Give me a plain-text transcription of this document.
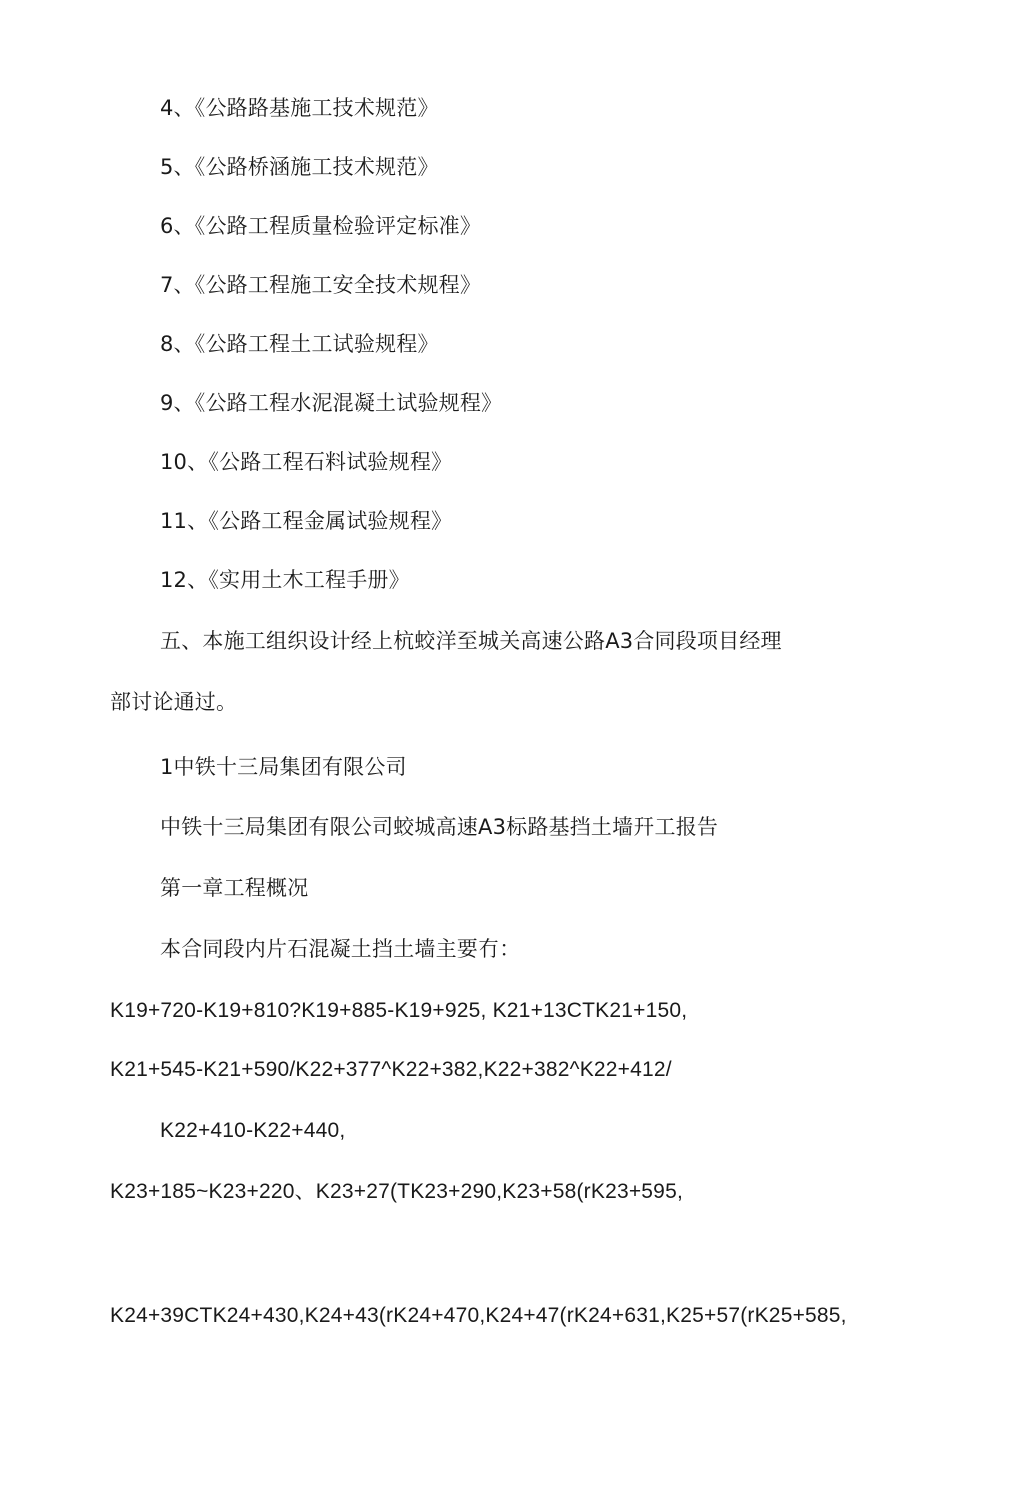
4、《公路路基施工技术规范》
5、《公路桥涵施工技术规范》
6、《公路工程质量检验评定标准》
7、《公路工程施工安全技术规程》
8、《公路工程土工试验规程》
9、《公路工程水泥混凝土试验规程》
10、《公路工程石料试验规程》
11、《公路工程金属试验规程》
12、《实用土木工程手册》
五、本施工组织设计经上杭蛟洋至城关高速公路A3合同段项目经理
部讨论通过。
1中铁十三局集团有限公司
中铁十三局集团有限公司蛟城高速A3标路基挡土墙幵工报告
第一章工程概况
本合同段内片石混凝土挡土墙主要冇：
K19+720-K19+810?K19+885-K19+925, K21+13CTK21+150,
K21+545-K21+590/K22+377^K22+382,K22+382^K22+412/
K22+410-K22+440,
K23+185~K23+220、K23+27(TK23+290,K23+58(rK23+595,
K24+39CTK24+430,K24+43(rK24+470,K24+47(rK24+631,K25+57(rK25+585,
